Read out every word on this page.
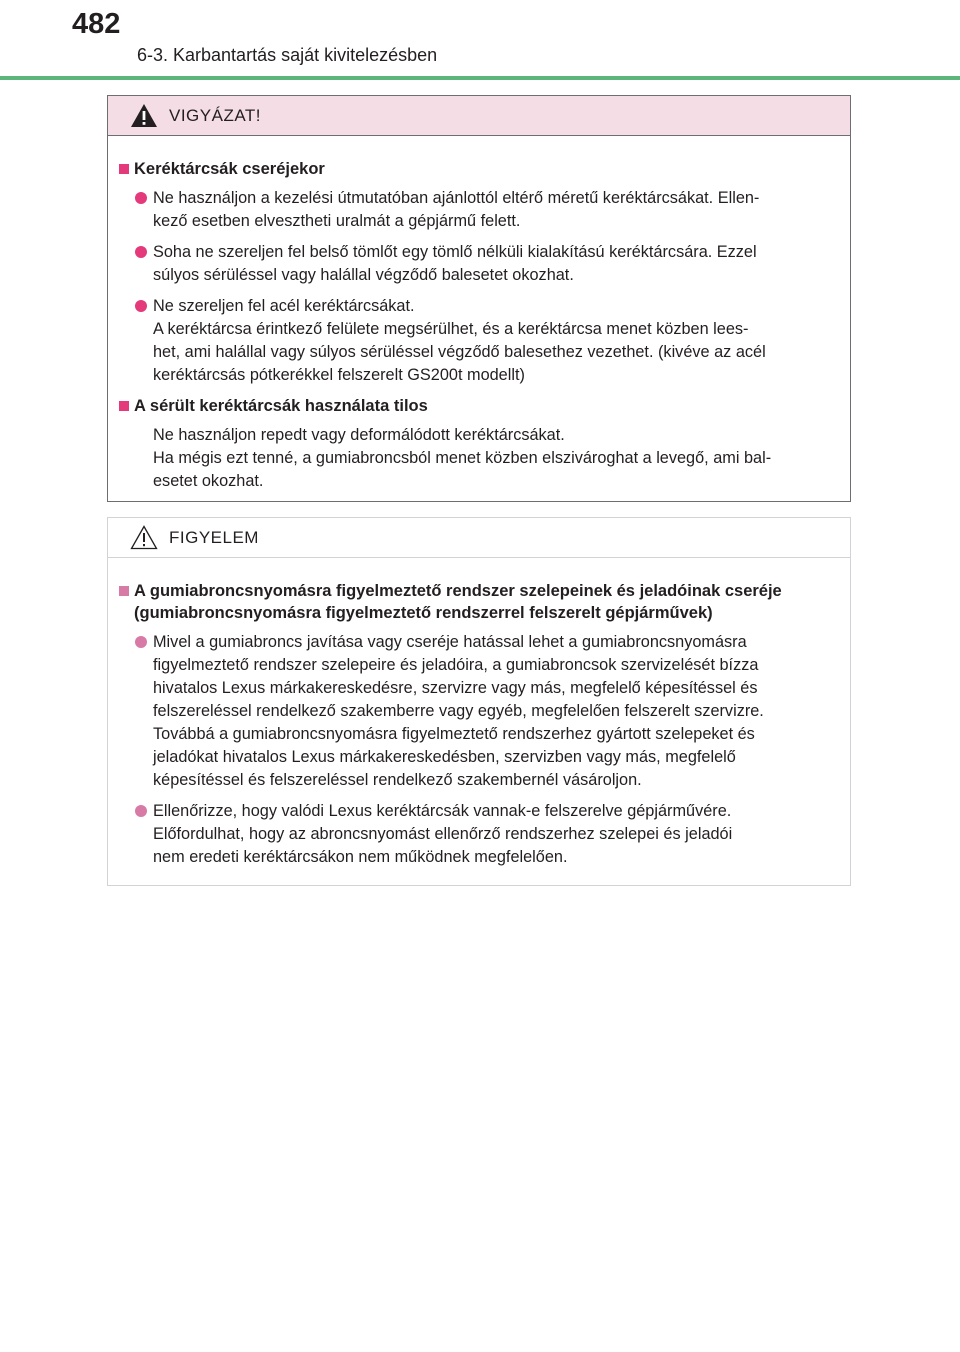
482
6-3. Karbantartás saját kivitelezésben
VIGYÁZAT!
Keréktárcsák cseréjekor
Ne használjon a kezelési útmutatóban ajánlottól eltérő méretű keréktárcsákat. Ellen-
kező esetben elvesztheti uralmát a gépjármű felett.
Soha ne szereljen fel belső tömlőt egy tömlő nélküli kialakítású keréktárcsára. Ezzel
súlyos sérüléssel vagy halállal végződő balesetet okozhat.
Ne szereljen fel acél keréktárcsákat.
A keréktárcsa érintkező felülete megsérülhet, és a keréktárcsa menet közben lees-
het, ami halállal vagy súlyos sérüléssel végződő balesethez vezethet. (kivéve az acél
keréktárcsás pótkerékkel felszerelt GS200t modellt)
A sérült keréktárcsák használata tilos
Ne használjon repedt vagy deformálódott keréktárcsákat.
Ha mégis ezt tenné, a gumiabroncsból menet közben elszivároghat a levegő, ami bal-
esetet okozhat.
FIGYELEM
A gumiabroncsnyomásra figyelmeztető rendszer szelepeinek és jeladóinak cseréje
(gumiabroncsnyomásra figyelmeztető rendszerrel felszerelt gépjárművek)
Mivel a gumiabroncs javítása vagy cseréje hatással lehet a gumiabroncsnyomásra
figyelmeztető rendszer szelepeire és jeladóira, a gumiabroncsok szervizelését bízza
hivatalos Lexus márkakereskedésre, szervizre vagy más, megfelelő képesítéssel és
felszereléssel rendelkező szakemberre vagy egyéb, megfelelően felszerelt szervizre.
Továbbá a gumiabroncsnyomásra figyelmeztető rendszerhez gyártott szelepeket és
jeladókat hivatalos Lexus márkakereskedésben, szervizben vagy más, megfelelő
képesítéssel és felszereléssel rendelkező szakembernél vásároljon.
Ellenőrizze, hogy valódi Lexus keréktárcsák vannak-e felszerelve gépjárművére.
Előfordulhat, hogy az abroncsnyomást ellenőrző rendszerhez szelepei és jeladói
nem eredeti keréktárcsákon nem működnek megfelelően.
